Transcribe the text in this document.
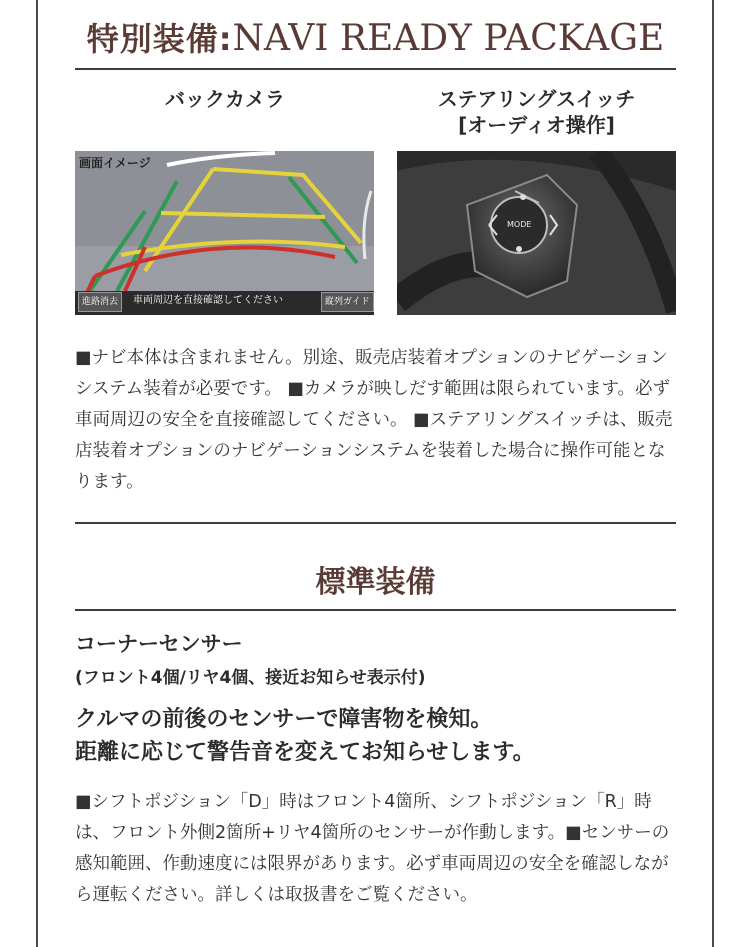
特別装備:NAVI READY PACKAGE
バックカメラ	ステアリングスイッチ
[オーディオ操作]
画面イメージ
進路消去	車両周辺を直接確認してください	縦列ガイド
MODE

■ナビ本体は含まれません。別途、販売店装着オプションのナビゲーションシステム装着が必要です。 ■カメラが映しだす範囲は限られています。必ず車両周辺の安全を直接確認してください。 ■ステアリングスイッチは、販売店装着オプションのナビゲーションシステムを装着した場合に操作可能となります。

標準装備
コーナーセンサー
(フロント4個/リヤ4個、接近お知らせ表示付)
クルマの前後のセンサーで障害物を検知。
距離に応じて警告音を変えてお知らせします。

■シフトポジション「D」時はフロント4箇所、シフトポジション「R」時は、フロント外側2箇所+リヤ4箇所のセンサーが作動します。■センサーの感知範囲、作動速度には限界があります。必ず車両周辺の安全を確認しながら運転ください。詳しくは取扱書をご覧ください。
